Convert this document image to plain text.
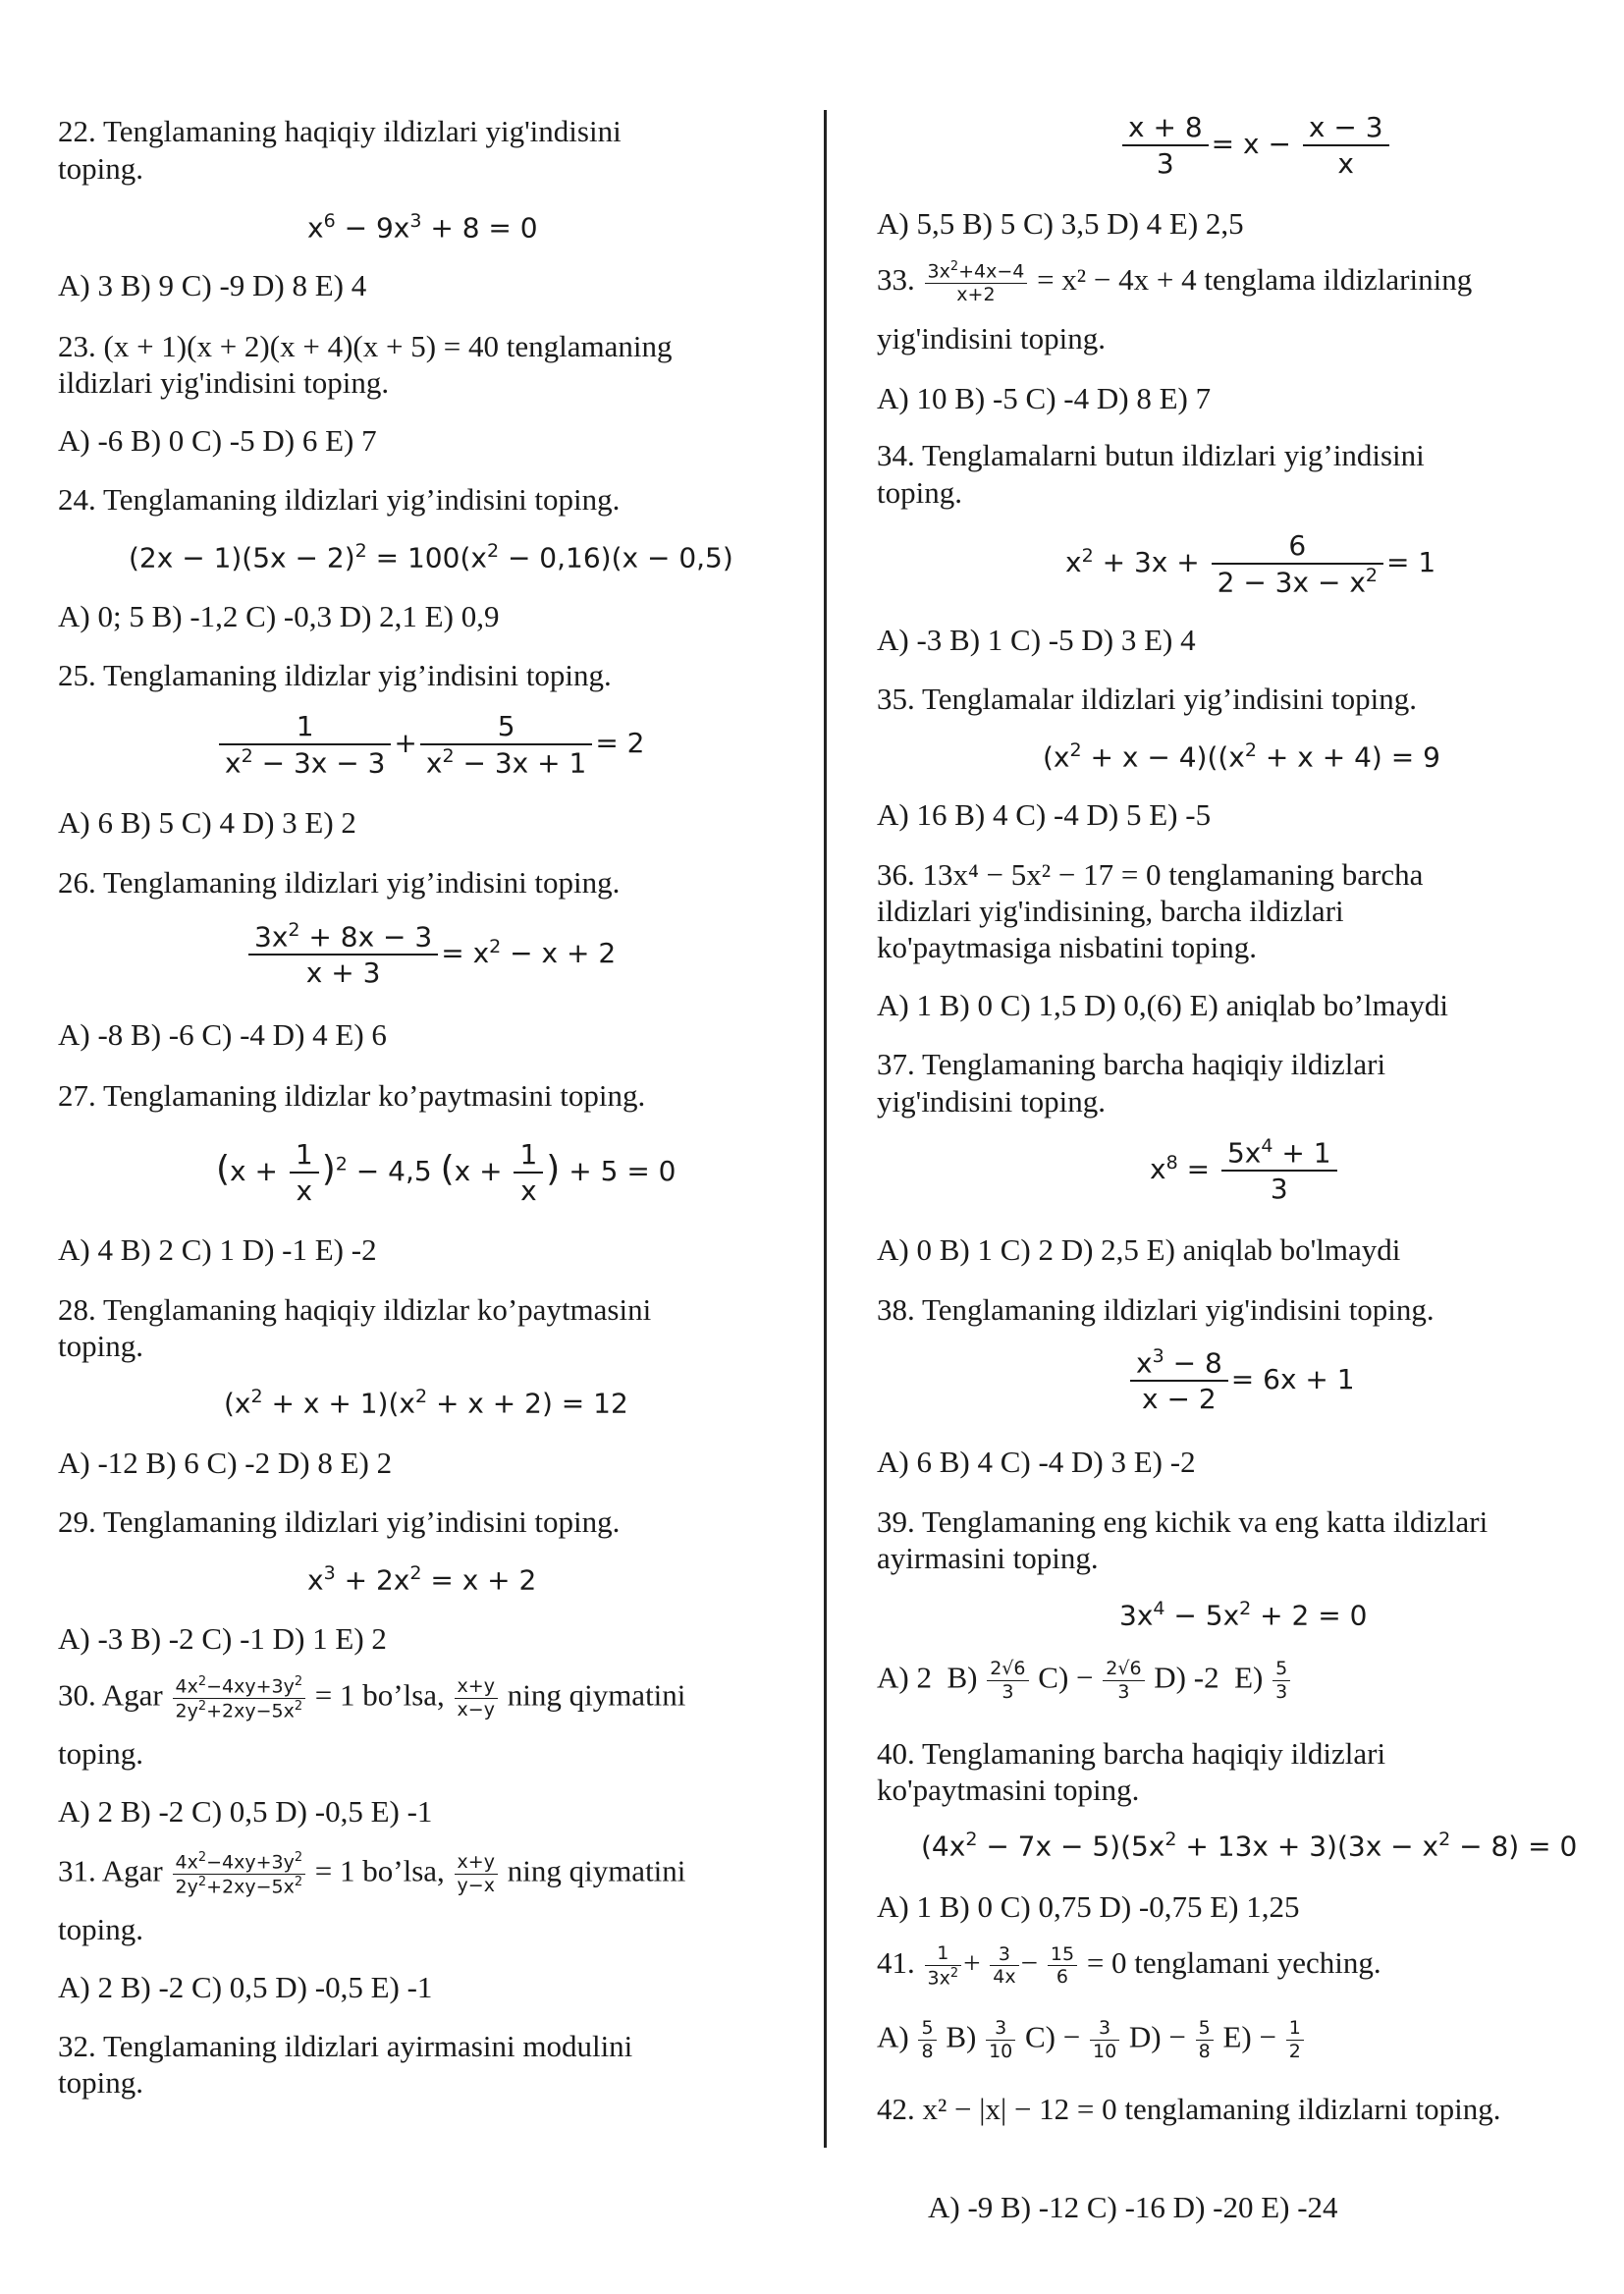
22. Tenglamaning haqiqiy ildizlari yig'indisini
toping.
$x^6 - 9x^3 + 8 = 0$
A) 3 B) 9 C) -9 D) 8 E) 4
23. (x + 1)(x + 2)(x + 4)(x + 5) = 40 tenglamaning
ildizlari yig'indisini toping.
A) -6 B) 0 C) -5 D) 6 E) 7
24. Tenglamaning ildizlari yig’indisini toping.
$(2x - 1)(5x - 2)^2 = 100(x^2 - 0,16)(x - 0,5)$
A) 0; 5 B) -1,2 C) -0,3 D) 2,1 E) 0,9
25. Tenglamaning ildizlar yig’indisini toping.
$\frac{1}{x^2 - 3x - 3} + \frac{5}{x^2 - 3x + 1} = 2$
A) 6 B) 5 C) 4 D) 3 E) 2
26. Tenglamaning ildizlari yig’indisini toping.
$\frac{3x^2 + 8x - 3}{x + 3} = x^2 - x + 2$
A) -8 B) -6 C) -4 D) 4 E) 6
27. Tenglamaning ildizlar ko’paytmasini toping.
$(x + \frac{1}{x} )^2 - 4,5$ ($x + \frac{1}{x}$ ) + 5 = 0
A) 4 B) 2 C) 1 D) -1 E) -2
28. Tenglamaning haqiqiy ildizlar ko’paytmasini
toping.
$(x^2 + x + 1)(x^2 + x + 2) = 12$
A) -12 B) 6 C) -2 D) 8 E) 2
29. Tenglamaning ildizlari yig’indisini toping.
$x^3 + 2x^2 = x + 2$
A) -3 B) -2 C) -1 D) 1 E) 2
30. Agar $\frac{4x^2-4xy+3y^2}{2y^2+2xy-5x^2} = 1$ bo’lsa, $\frac{x+y}{x-y}$ ning qiymatini
toping.
A) 2 B) -2 C) 0,5 D) -0,5 E) -1
31. Agar $\frac{4x^2-4xy+3y^2}{2y^2+2xy-5x^2} = 1$ bo’lsa, $\frac{x+y}{y-x}$ ning qiymatini
toping.
A) 2 B) -2 C) 0,5 D) -0,5 E) -1
32. Tenglamaning ildizlari ayirmasini modulini
toping.
$\frac{x + 8}{3} = x - \frac{x - 3}{x}$
A) 5,5 B) 5 C) 3,5 D) 4 E) 2,5
33. $\frac{3x^2+4x-4}{x+2} = x^2 - 4x + 4$ tenglama ildizlarining
yig'indisini toping.
A) 10 B) -5 C) -4 D) 8 E) 7
34. Tenglamalarni butun ildizlari yig’indisini
toping.
$x^2 + 3x + \frac{6}{2 - 3x - x^2} = 1$
A) -3 B) 1 C) -5 D) 3 E) 4
35. Tenglamalar ildizlari yig’indisini toping.
$(x^2 + x - 4)((x^2 + x + 4) = 9$
A) 16 B) 4 C) -4 D) 5 E) -5
36. 13x⁴ − 5x² − 17 = 0 tenglamaning barcha
ildizlari yig'indisining, barcha ildizlari
ko'paytmasiga nisbatini toping.
A) 1 B) 0 C) 1,5 D) 0,(6) E) aniqlab bo’lmaydi
37. Tenglamaning barcha haqiqiy ildizlari
yig'indisini toping.
$x^8 = \frac{5x^4 + 1}{3}$
A) 0 B) 1 C) 2 D) 2,5 E) aniqlab bo'lmaydi
38. Tenglamaning ildizlari yig'indisini toping.
$\frac{x^3 - 8}{x - 2} = 6x + 1$
A) 6 B) 4 C) -4 D) 3 E) -2
39. Tenglamaning eng kichik va eng katta ildizlari
ayirmasini toping.
$3x^4 - 5x^2 + 2 = 0$
A) 2  $B) \frac{2√6}{3} C) - \frac{2√6}{3} D$) -2  $E) \frac{5}{3}$
40. Tenglamaning barcha haqiqiy ildizlari
ko'paytmasini toping.
$(4x^2 - 7x - 5)(5x^2 + 13x + 3)(3x - x^2 - 8) = 0$
A) 1 B) 0 C) 0,75 D) -0,75 E) 1,25
41. $\frac{1}{3x^2} + \frac{3}{4x} - \frac{15}{6} = 0$ tenglamani yeching.
$A) \frac{5}{8} B) \frac{3}{10} C) - \frac{3}{10} D) - \frac{5}{8} E) - \frac{1}{2}$
42. x² − |x| − 12 = 0 tenglamaning ildizlarni toping.
A) -9 B) -12 C) -16 D) -20 E) -24
